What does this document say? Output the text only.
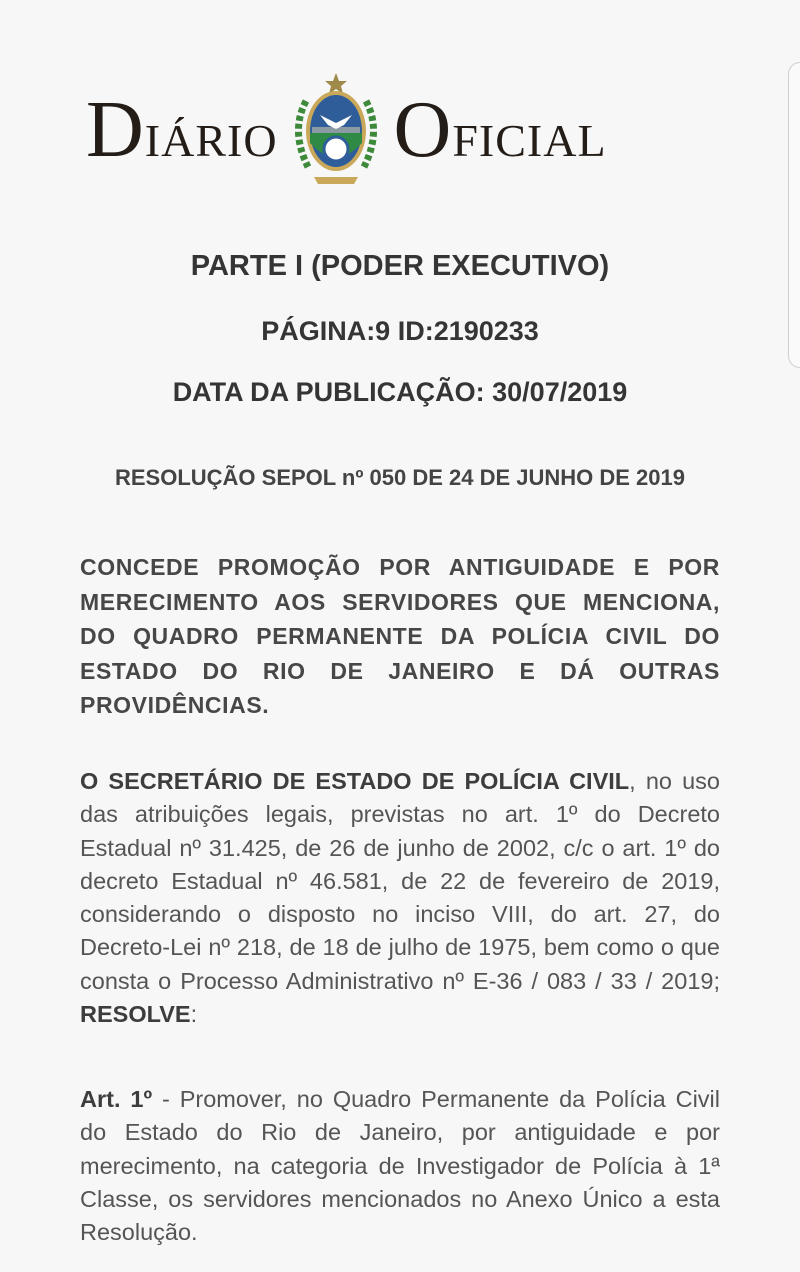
Diário Oficial
PARTE I (PODER EXECUTIVO)
PÁGINA:9 ID:2190233
DATA DA PUBLICAÇÃO: 30/07/2019
RESOLUÇÃO SEPOL nº 050 DE 24 DE JUNHO DE 2019
CONCEDE PROMOÇÃO POR ANTIGUIDADE E POR MERECIMENTO AOS SERVIDORES QUE MENCIONA, DO QUADRO PERMANENTE DA POLÍCIA CIVIL DO ESTADO DO RIO DE JANEIRO E DÁ OUTRAS PROVIDÊNCIAS.
O SECRETÁRIO DE ESTADO DE POLÍCIA CIVIL, no uso das atribuições legais, previstas no art. 1º do Decreto Estadual nº 31.425, de 26 de junho de 2002, c/c o art. 1º do decreto Estadual nº 46.581, de 22 de fevereiro de 2019, considerando o disposto no inciso VIII, do art. 27, do Decreto-Lei nº 218, de 18 de julho de 1975, bem como o que consta o Processo Administrativo nº E-36 / 083 / 33 / 2019; RESOLVE:
Art. 1º - Promover, no Quadro Permanente da Polícia Civil do Estado do Rio de Janeiro, por antiguidade e por merecimento, na categoria de Investigador de Polícia à 1ª Classe, os servidores mencionados no Anexo Único a esta Resolução.
